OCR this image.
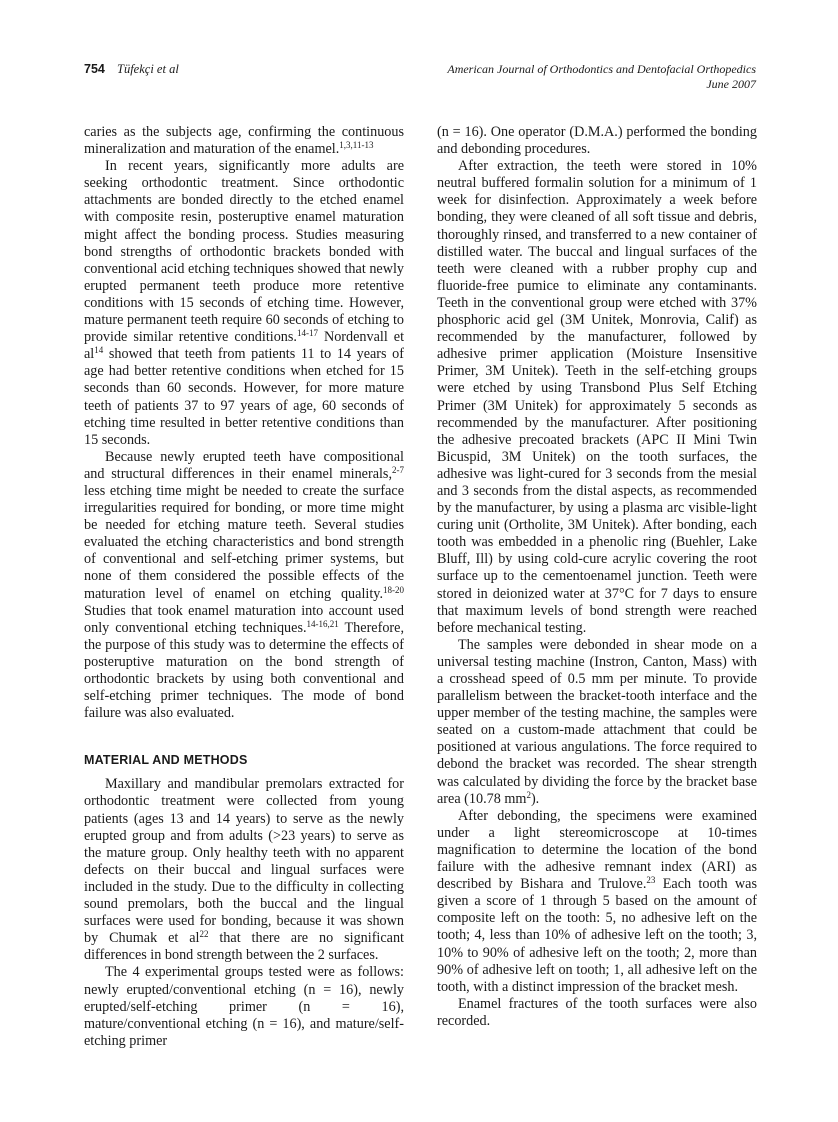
754 Tüfekçi et al	American Journal of Orthodontics and Dentofacial Orthopedics
June 2007

caries as the subjects age, confirming the continuous mineralization and maturation of the enamel.$^{1,3,11-13}$

In recent years, significantly more adults are seeking orthodontic treatment. Since orthodontic attachments are bonded directly to the etched enamel with composite resin, posteruptive enamel maturation might affect the bonding process. Studies measuring bond strengths of orthodontic brackets bonded with conventional acid etching techniques showed that newly erupted permanent teeth produce more retentive conditions with 15 seconds of etching time. However, mature permanent teeth require 60 seconds of etching to provide similar retentive conditions.$^{14-17}$ Nordenvall et $al^{14}$ showed that teeth from patients 11 to 14 years of age had better retentive conditions when etched for 15 seconds than 60 seconds. However, for more mature teeth of patients 37 to 97 years of age, 60 seconds of etching time resulted in better retentive conditions than 15 seconds.

Because newly erupted teeth have compositional and structural differences in their enamel minerals,$^{2-7}$ less etching time might be needed to create the surface irregularities required for bonding, or more time might be needed for etching mature teeth. Several studies evaluated the etching characteristics and bond strength of conventional and self-etching primer systems, but none of them considered the possible effects of the maturation level of enamel on etching quality.$^{18-20}$ Studies that took enamel maturation into account used only conventional etching techniques.$^{14-16,21}$ Therefore, the purpose of this study was to determine the effects of posteruptive maturation on the bond strength of orthodontic brackets by using both conventional and self-etching primer techniques. The mode of bond failure was also evaluated.

MATERIAL AND METHODS

Maxillary and mandibular premolars extracted for orthodontic treatment were collected from young patients (ages 13 and 14 years) to serve as the newly erupted group and from adults (>23 years) to serve as the mature group. Only healthy teeth with no apparent defects on their buccal and lingual surfaces were included in the study. Due to the difficulty in collecting sound premolars, both the buccal and the lingual surfaces were used for bonding, because it was shown by Chumak et $al^{22}$ that there are no significant differences in bond strength between the 2 surfaces.

The 4 experimental groups tested were as follows: newly erupted/conventional etching (n = 16), newly erupted/self-etching primer (n = 16), mature/conventional etching (n = 16), and mature/self-etching primer

(n = 16). One operator (D.M.A.) performed the bonding and debonding procedures.

After extraction, the teeth were stored in 10% neutral buffered formalin solution for a minimum of 1 week for disinfection. Approximately a week before bonding, they were cleaned of all soft tissue and debris, thoroughly rinsed, and transferred to a new container of distilled water. The buccal and lingual surfaces of the teeth were cleaned with a rubber prophy cup and fluoride-free pumice to eliminate any contaminants. Teeth in the conventional group were etched with 37% phosphoric acid gel (3M Unitek, Monrovia, Calif) as recommended by the manufacturer, followed by adhesive primer application (Moisture Insensitive Primer, 3M Unitek). Teeth in the self-etching groups were etched by using Transbond Plus Self Etching Primer (3M Unitek) for approximately 5 seconds as recommended by the manufacturer. After positioning the adhesive precoated brackets (APC II Mini Twin Bicuspid, 3M Unitek) on the tooth surfaces, the adhesive was light-cured for 3 seconds from the mesial and 3 seconds from the distal aspects, as recommended by the manufacturer, by using a plasma arc visible-light curing unit (Ortholite, 3M Unitek). After bonding, each tooth was embedded in a phenolic ring (Buehler, Lake Bluff, Ill) by using cold-cure acrylic covering the root surface up to the cementoenamel junction. Teeth were stored in deionized water at 37°C for 7 days to ensure that maximum levels of bond strength were reached before mechanical testing.

The samples were debonded in shear mode on a universal testing machine (Instron, Canton, Mass) with a crosshead speed of 0.5 mm per minute. To provide parallelism between the bracket-tooth interface and the upper member of the testing machine, the samples were seated on a custom-made attachment that could be positioned at various angulations. The force required to debond the bracket was recorded. The shear strength was calculated by dividing the force by the bracket base area (10.78 $mm^2$).

After debonding, the specimens were examined under a light stereomicroscope at 10-times magnification to determine the location of the bond failure with the adhesive remnant index (ARI) as described by Bishara and Trulove.$^{23}$ Each tooth was given a score of 1 through 5 based on the amount of composite left on the tooth: 5, no adhesive left on the tooth; 4, less than 10% of adhesive left on the tooth; 3, 10% to 90% of adhesive left on the tooth; 2, more than 90% of adhesive left on tooth; 1, all adhesive left on the tooth, with a distinct impression of the bracket mesh.

Enamel fractures of the tooth surfaces were also recorded.
